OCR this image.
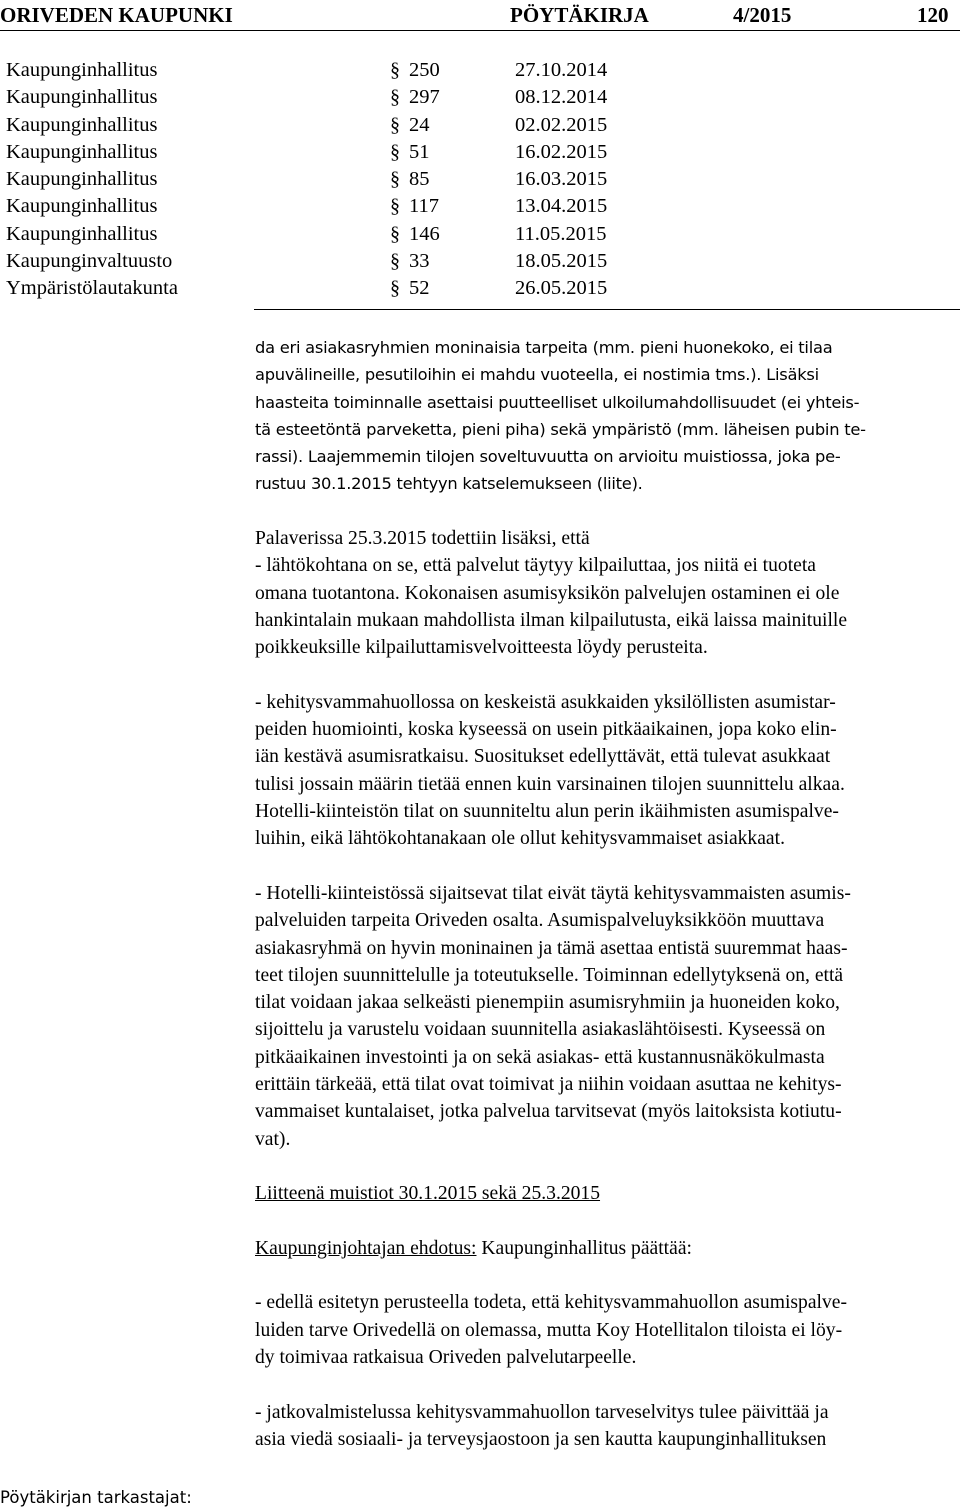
ORIVEDEN KAUPUNKI	PÖYTÄKIRJA	4/2015	120
Kaupunginhallitus	§ 250	27.10.2014
Kaupunginhallitus	§ 297	08.12.2014
Kaupunginhallitus	§ 24	02.02.2015
Kaupunginhallitus	§ 51	16.02.2015
Kaupunginhallitus	§ 85	16.03.2015
Kaupunginhallitus	§ 117	13.04.2015
Kaupunginhallitus	§ 146	11.05.2015
Kaupunginvaltuusto	§ 33	18.05.2015
Ympäristölautakunta	§ 52	26.05.2015

da eri asiakasryhmien moninaisia tarpeita (mm. pieni huonekoko, ei tilaa

apuvälineille, pesutiloihin ei mahdu vuoteella, ei nostimia tms.). Lisäksi

haasteita toiminnalle asettaisi puutteelliset ulkoilumahdollisuudet (ei yhteis-

tä esteetöntä parveketta, pieni piha) sekä ympäristö (mm. läheisen pubin te-

rassi). Laajemmemin tilojen soveltuvuutta on arvioitu muistiossa, joka pe-

rustuu 30.1.2015 tehtyyn katselemukseen (liite).

Palaverissa 25.3.2015 todettiin lisäksi, että

- lähtökohtana on se, että palvelut täytyy kilpailuttaa, jos niitä ei tuoteta

omana tuotantona. Kokonaisen asumisyksikön palvelujen ostaminen ei ole

hankintalain mukaan mahdollista ilman kilpailutusta, eikä laissa mainituille

poikkeuksille kilpailuttamisvelvoitteesta löydy perusteita.

- kehitysvammahuollossa on keskeistä asukkaiden yksilöllisten asumistar-

peiden huomiointi, koska kyseessä on usein pitkäaikainen, jopa koko elin-

iän kestävä asumisratkaisu. Suositukset edellyttävät, että tulevat asukkaat

tulisi jossain määrin tietää ennen kuin varsinainen tilojen suunnittelu alkaa.

Hotelli-kiinteistön tilat on suunniteltu alun perin ikäihmisten asumispalve-

luihin, eikä lähtökohtanakaan ole ollut kehitysvammaiset asiakkaat.

- Hotelli-kiinteistössä sijaitsevat tilat eivät täytä kehitysvammaisten asumis-

palveluiden tarpeita Oriveden osalta. Asumispalveluyksikköön muuttava

asiakasryhmä on hyvin moninainen ja tämä asettaa entistä suuremmat haas-

teet tilojen suunnittelulle ja toteutukselle. Toiminnan edellytyksenä on, että

tilat voidaan jakaa selkeästi pienempiin asumisryhmiin ja huoneiden koko,

sijoittelu ja varustelu voidaan suunnitella asiakaslähtöisesti. Kyseessä on

pitkäaikainen investointi ja on sekä asiakas- että kustannusnäkökulmasta

erittäin tärkeää, että tilat ovat toimivat ja niihin voidaan asuttaa ne kehitys-

vammaiset kuntalaiset, jotka palvelua tarvitsevat (myös laitoksista kotiutu-

vat).

Liitteenä muistiot 30.1.2015 sekä 25.3.2015

Kaupunginjohtajan ehdotus: Kaupunginhallitus päättää:

- edellä esitetyn perusteella todeta, että kehitysvammahuollon asumispalve-

luiden tarve Orivedellä on olemassa, mutta Koy Hotellitalon tiloista ei löy-

dy toimivaa ratkaisua Oriveden palvelutarpeelle.

- jatkovalmistelussa kehitysvammahuollon tarveselvitys tulee päivittää ja

asia viedä sosiaali- ja terveysjaostoon ja sen kautta kaupunginhallituksen

Pöytäkirjan tarkastajat:
